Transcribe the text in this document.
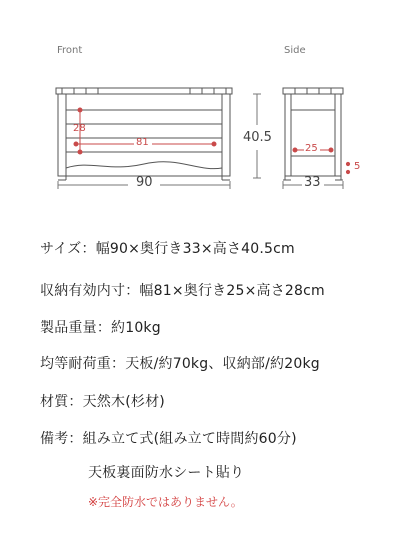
Front	Side
90
28
81	40.5
25
5
33
サイズ：幅90×奥行き33×高さ40.5cm
収納有効内寸：幅81×奥行き25×高さ28cm
製品重量：約10kg
均等耐荷重：天板/約70kg、収納部/約20kg
材質：天然木(杉材)
備考：組み立て式(組み立て時間約60分)
天板裏面防水シート貼り
※完全防水ではありません。
